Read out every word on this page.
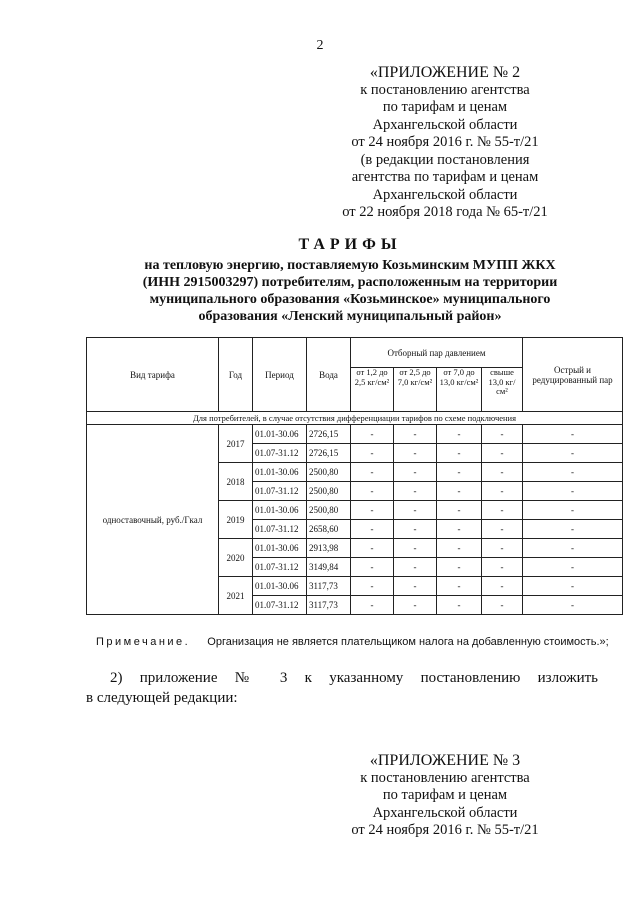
2
«ПРИЛОЖЕНИЕ № 2
к постановлению агентства
по тарифам и ценам
Архангельской области
от 24 ноября 2016 г. № 55-т/21
(в редакции постановления
агентства по тарифам и ценам
Архангельской области
от 22 ноября 2018 года № 65-т/21
ТАРИФЫ
на тепловую энергию, поставляемую Козьминским МУПП ЖКХ
(ИНН 2915003297) потребителям, расположенным на территории
муниципального образования «Козьминское» муниципального
образования «Ленский муниципальный район»
Вид тарифа	Год	Период	Вода	Отборный пар давлением				Острый и редуцированный пар
				от 1,2 до 2,5 кг/см²	от 2,5 до 7,0 кг/см²	от 7,0 до 13,0 кг/см²	свыше 13,0 кг/см²	
Для потребителей, в случае отсутствия дифференциации тарифов по схеме подключения								
одноставочный, руб./Гкал	2017	01.01-30.06	2726,15	-	-	-	-	-
		01.07-31.12	2726,15	-	-	-	-	-
	2018	01.01-30.06	2500,80	-	-	-	-	-
		01.07-31.12	2500,80	-	-	-	-	-
	2019	01.01-30.06	2500,80	-	-	-	-	-
		01.07-31.12	2658,60	-	-	-	-	-
	2020	01.01-30.06	2913,98	-	-	-	-	-
		01.07-31.12	3149,84	-	-	-	-	-
	2021	01.01-30.06	3117,73	-	-	-	-	-
		01.07-31.12	3117,73	-	-	-	-	-
Примечание. Организация не является плательщиком налога на добавленную стоимость.»;
2) приложение № 3 к указанному постановлению изложить
в следующей редакции:
«ПРИЛОЖЕНИЕ № 3
к постановлению агентства
по тарифам и ценам
Архангельской области
от 24 ноября 2016 г. № 55-т/21
